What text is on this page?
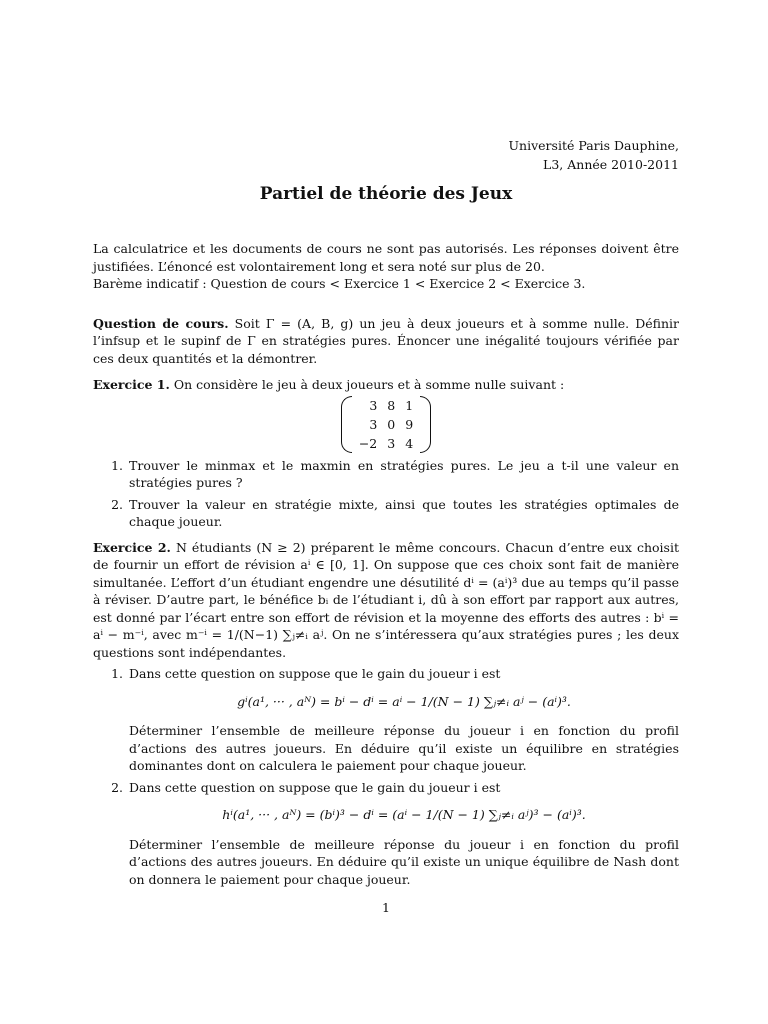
Université Paris Dauphine,
L3, Année 2010-2011
Partiel de théorie des Jeux

La calculatrice et les documents de cours ne sont pas autorisés. Les réponses doivent être justifiées. L’énoncé est volontairement long et sera noté sur plus de 20.

Barème indicatif : Question de cours < Exercice 1 < Exercice 2 < Exercice 3.

Question de cours. Soit Γ = (A, B, g) un jeu à deux joueurs et à somme nulle. Définir l’infsup et le supinf de Γ en stratégies pures. Énoncer une inégalité toujours vérifiée par ces deux quantités et la démontrer.

Exercice 1. On considère le jeu à deux joueurs et à somme nulle suivant :

3	8	1
3	0	9
−2	3	4
1. Trouver le minmax et le maxmin en stratégies pures. Le jeu a t-il une valeur en stratégies pures ?
2. Trouver la valeur en stratégie mixte, ainsi que toutes les stratégies optimales de chaque joueur.

Exercice 2. N étudiants (N ≥ 2) préparent le même concours. Chacun d’entre eux choisit de fournir un effort de révision aⁱ ∈ [0, 1]. On suppose que ces choix sont fait de manière simultanée. L’effort d’un étudiant engendre une désutilité dⁱ = (aⁱ)³ due au temps qu’il passe à réviser. D’autre part, le bénéfice bᵢ de l’étudiant i, dû à son effort par rapport aux autres, est donné par l’écart entre son effort de révision et la moyenne des efforts des autres : bⁱ = aⁱ − m⁻ⁱ, avec m⁻ⁱ = 1/(N−1) ∑ⱼ≠ᵢ aʲ. On ne s’intéressera qu’aux stratégies pures ; les deux questions sont indépendantes.

1. Dans cette question on suppose que le gain du joueur i est
gⁱ(a¹, ··· , aᴺ) = bⁱ − dⁱ = aⁱ − 1/(N − 1) ∑ⱼ≠ᵢ aʲ − (aⁱ)³.
Déterminer l’ensemble de meilleure réponse du joueur i en fonction du profil d’actions des autres joueurs. En déduire qu’il existe un équilibre en stratégies dominantes dont on calculera le paiement pour chaque joueur.
2. Dans cette question on suppose que le gain du joueur i est
hⁱ(a¹, ··· , aᴺ) = (bⁱ)³ − dⁱ = (aⁱ − 1/(N − 1) ∑ⱼ≠ᵢ aʲ)³ − (aⁱ)³.
Déterminer l’ensemble de meilleure réponse du joueur i en fonction du profil d’actions des autres joueurs. En déduire qu’il existe un unique équilibre de Nash dont on donnera le paiement pour chaque joueur.
1
